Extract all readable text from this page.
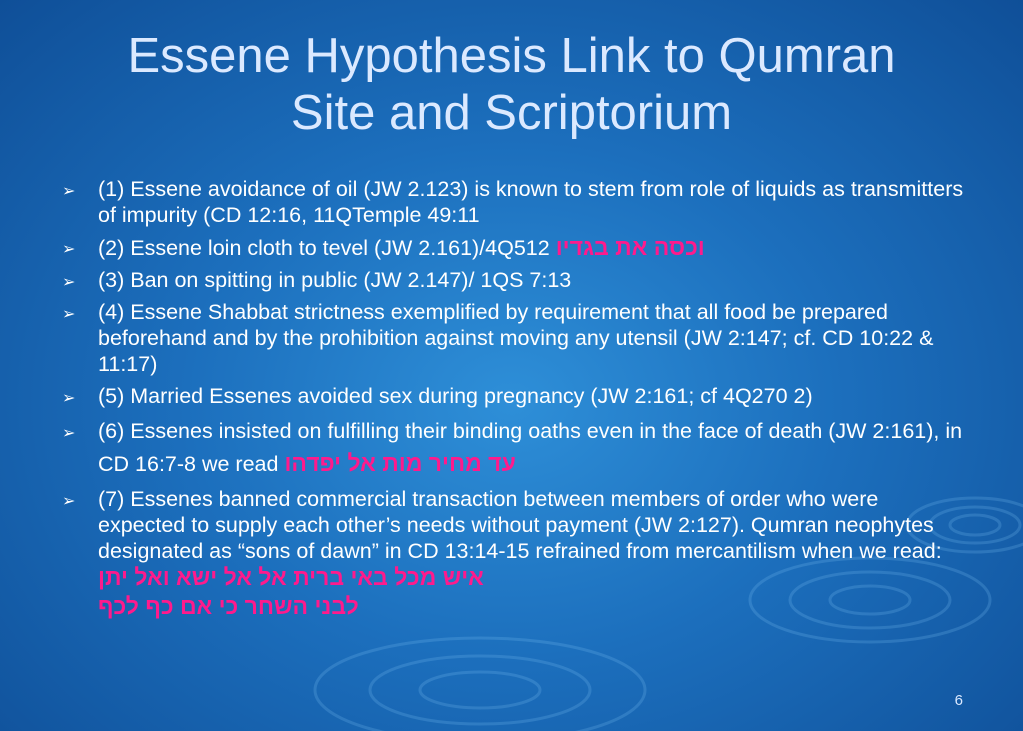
Essene Hypothesis Link to Qumran
Site and Scriptorium
➢ (1) Essene avoidance of oil (JW 2.123) is known to stem from role of liquids as transmitters of impurity (CD 12:16, 11QTemple 49:11
➢ (2) Essene loin cloth to tevel (JW 2.161)/4Q512 וכסה את בגדיו
➢ (3) Ban on spitting in public (JW 2.147)/ 1QS 7:13
➢ (4) Essene Shabbat strictness exemplified by requirement that all food be prepared beforehand and by the prohibition against moving any utensil (JW 2:147; cf. CD 10:22 & 11:17)
➢ (5) Married Essenes avoided sex during pregnancy (JW 2:161; cf 4Q270 2)
➢ (6) Essenes insisted on fulfilling their binding oaths even in the face of death (JW 2:161), in CD 16:7-8 we read עד מחיר מות אל יפדהו
➢ (7) Essenes banned commercial transaction between members of order who were expected to supply each other’s needs without payment (JW 2:127). Qumran neophytes designated as “sons of dawn” in CD 13:14-15 refrained from mercantilism when we read: איש מכל באי ברית אל אל ישא ואל יתן
לבני השחר כי אם כף לכף
6
